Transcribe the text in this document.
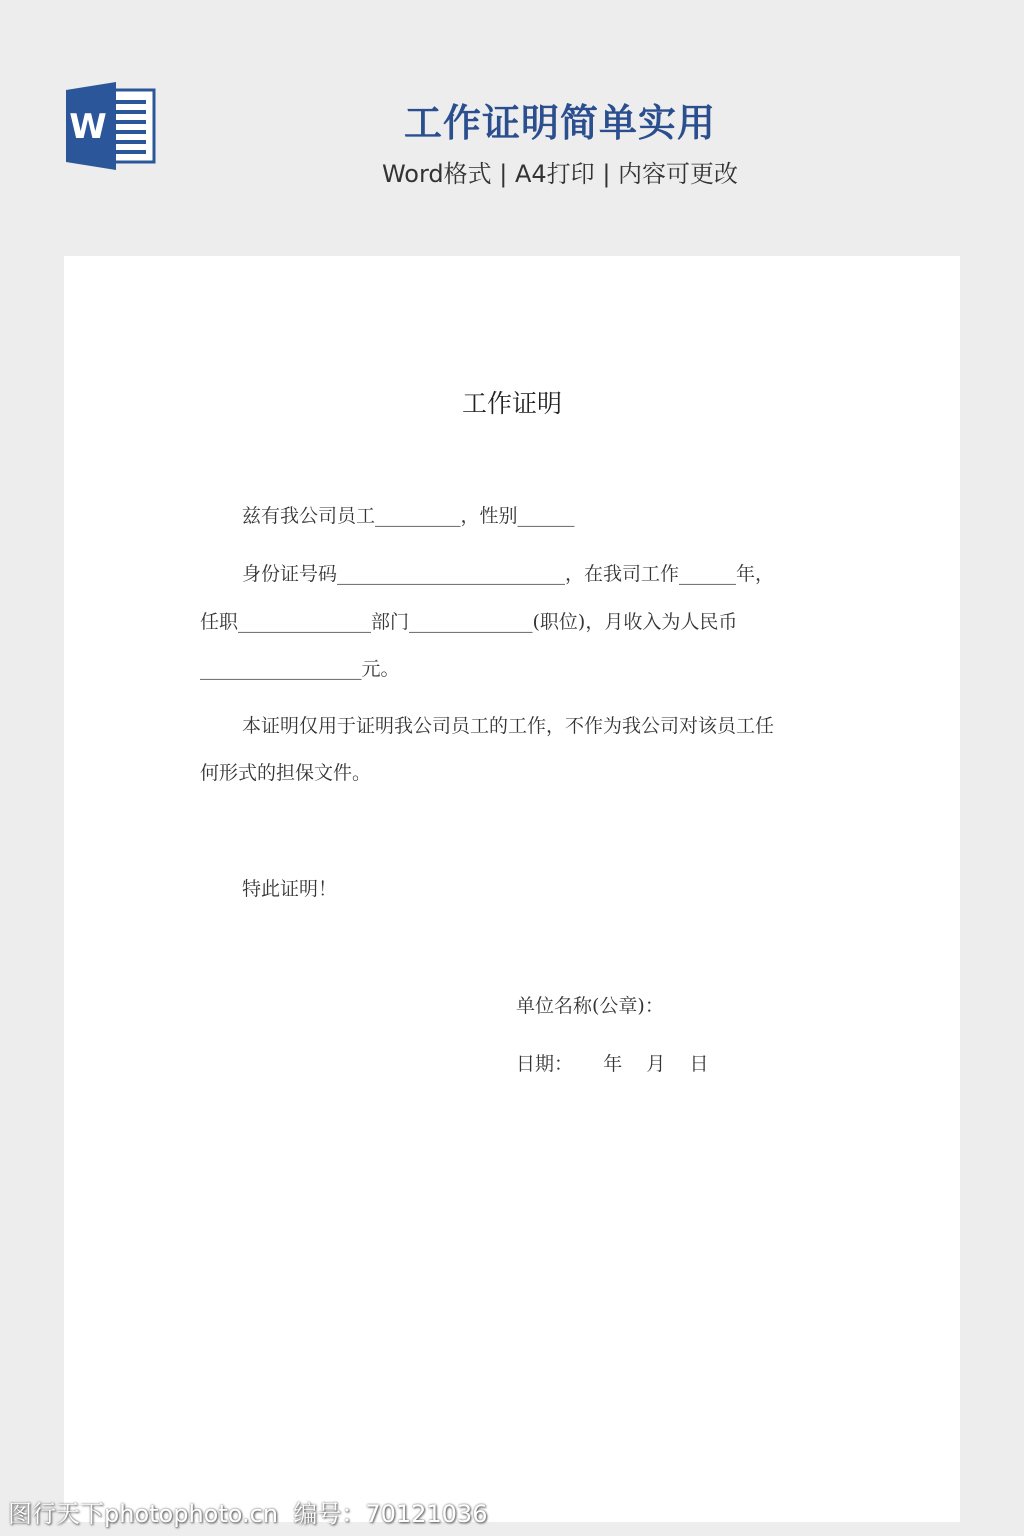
W	工作证明简单实用
Word格式 | A4打印 | 内容可更改
工作证明
兹有我公司员工_________，性别______
身份证号码________________________，在我司工作______年，
任职______________部门_____________(职位)，月收入为人民币
_________________元。
本证明仅用于证明我公司员工的工作，不作为我公司对该员工任
何形式的担保文件。
特此证明！
单位名称(公章)：
日期：     年    月    日
图行天下photophoto.cn  编号：70121036
